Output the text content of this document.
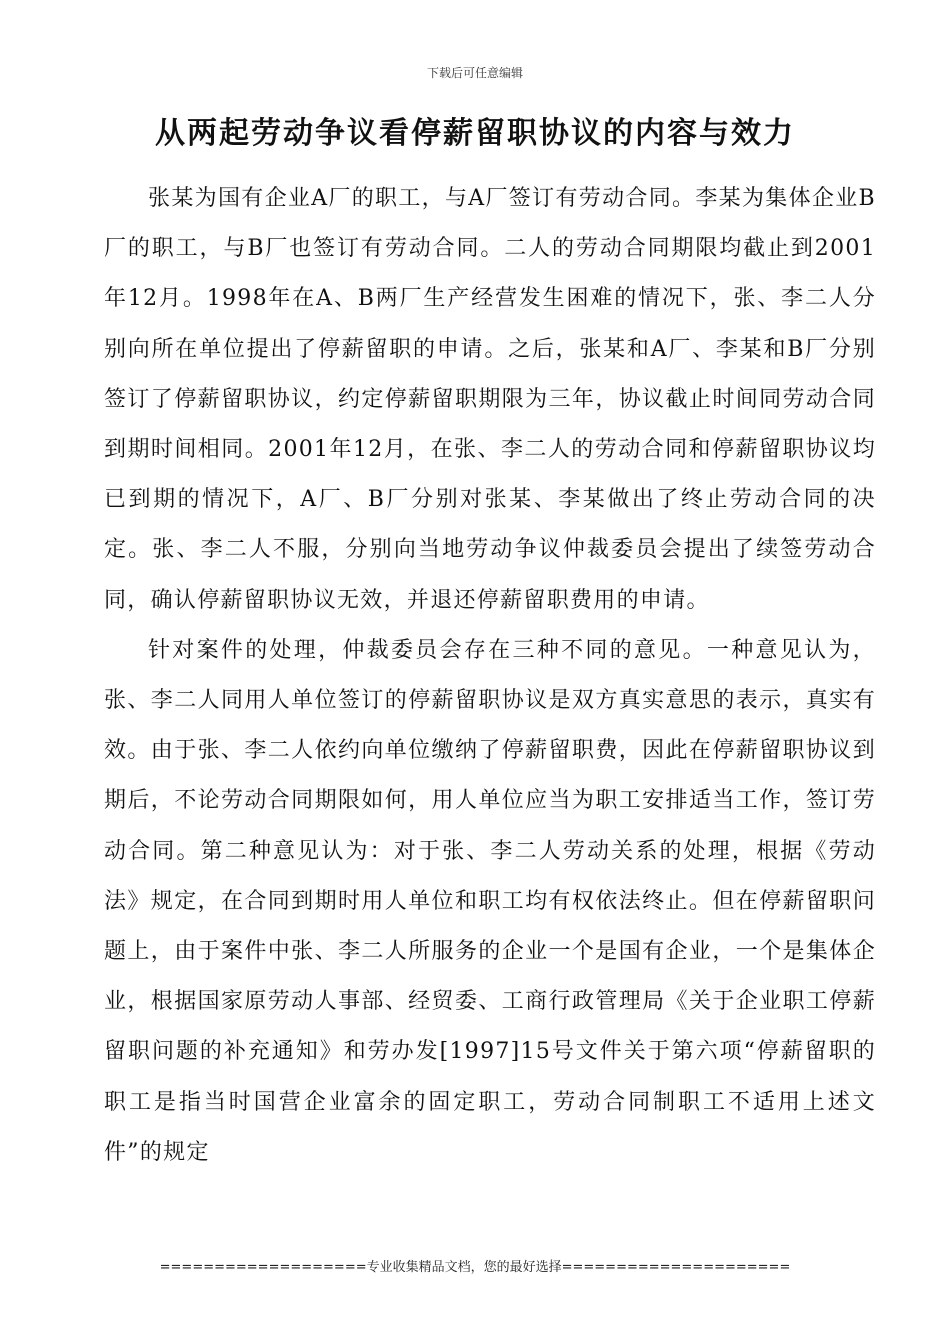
下载后可任意编辑
从两起劳动争议看停薪留职协议的内容与效力

张某为国有企业A厂的职工，与A厂签订有劳动合同。李某为集体企业B厂的职工，与B厂也签订有劳动合同。二人的劳动合同期限均截止到2001年12月。1998年在A、B两厂生产经营发生困难的情况下，张、李二人分别向所在单位提出了停薪留职的申请。之后，张某和A厂、李某和B厂分别签订了停薪留职协议，约定停薪留职期限为三年，协议截止时间同劳动合同到期时间相同。2001年12月，在张、李二人的劳动合同和停薪留职协议均已到期的情况下，A厂、B厂分别对张某、李某做出了终止劳动合同的决定。张、李二人不服，分别向当地劳动争议仲裁委员会提出了续签劳动合同，确认停薪留职协议无效，并退还停薪留职费用的申请。

针对案件的处理，仲裁委员会存在三种不同的意见。一种意见认为，张、李二人同用人单位签订的停薪留职协议是双方真实意思的表示，真实有效。由于张、李二人依约向单位缴纳了停薪留职费，因此在停薪留职协议到期后，不论劳动合同期限如何，用人单位应当为职工安排适当工作，签订劳动合同。第二种意见认为：对于张、李二人劳动关系的处理，根据《劳动法》规定，在合同到期时用人单位和职工均有权依法终止。但在停薪留职问题上，由于案件中张、李二人所服务的企业一个是国有企业，一个是集体企业，根据国家原劳动人事部、经贸委、工商行政管理局《关于企业职工停薪留职问题的补充通知》和劳办发[1997]15号文件关于第六项“停薪留职的职工是指当时国营企业富余的固定职工，劳动合同制职工不适用上述文件”的规定

===================专业收集精品文档，您的最好选择=====================
